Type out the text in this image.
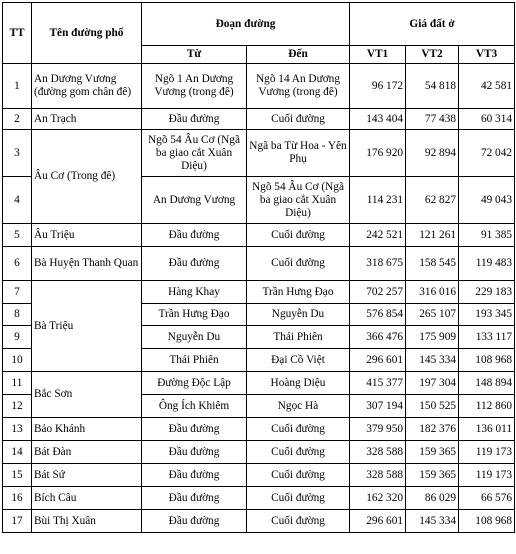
TT	Tên đường phố	Đoạn đường		Giá đất ở		
		Từ	Đến	VT1	VT2	VT3
1	An Dương Vương (đường gom chân đê)	Ngõ 1 An Dương Vương (trong đê)	Ngõ 14 An Dương Vương (trong đê)	96 172	54 818	42 581
2	An Trạch	Đầu đường	Cuối đường	143 404	77 438	60 314
3	Âu Cơ (Trong đê)	Ngõ 54 Âu Cơ (Ngã ba giao cắt Xuân Diệu)	Ngã ba Từ Hoa - Yên Phụ	176 920	92 894	72 042
4		An Dương Vương	Ngõ 54 Âu Cơ (Ngã ba giao cắt Xuân Diệu)	114 231	62 827	49 043
5	Âu Triệu	Đầu đường	Cuối đường	242 521	121 261	91 385
6	Bà Huyện Thanh Quan	Đầu đường	Cuối đường	318 675	158 545	119 483
7	Bà Triệu	Hàng Khay	Trần Hưng Đạo	702 257	316 016	229 183
8		Trần Hưng Đạo	Nguyễn Du	576 854	265 107	193 345
9		Nguyễn Du	Thái Phiên	366 476	175 909	133 117
10		Thái Phiên	Đại Cồ Việt	296 601	145 334	108 968
11	Bắc Sơn	Đường Độc Lập	Hoàng Diệu	415 377	197 304	148 894
12		Ông Ích Khiêm	Ngọc Hà	307 194	150 525	112 860
13	Bảo Khánh	Đầu đường	Cuối đường	379 950	182 376	136 011
14	Bát Đàn	Đầu đường	Cuối đường	328 588	159 365	119 173
15	Bát Sứ	Đầu đường	Cuối đường	328 588	159 365	119 173
16	Bích Câu	Đầu đường	Cuối đường	162 320	86 029	66 576
17	Bùi Thị Xuân	Đầu đường	Cuối đường	296 601	145 334	108 968
